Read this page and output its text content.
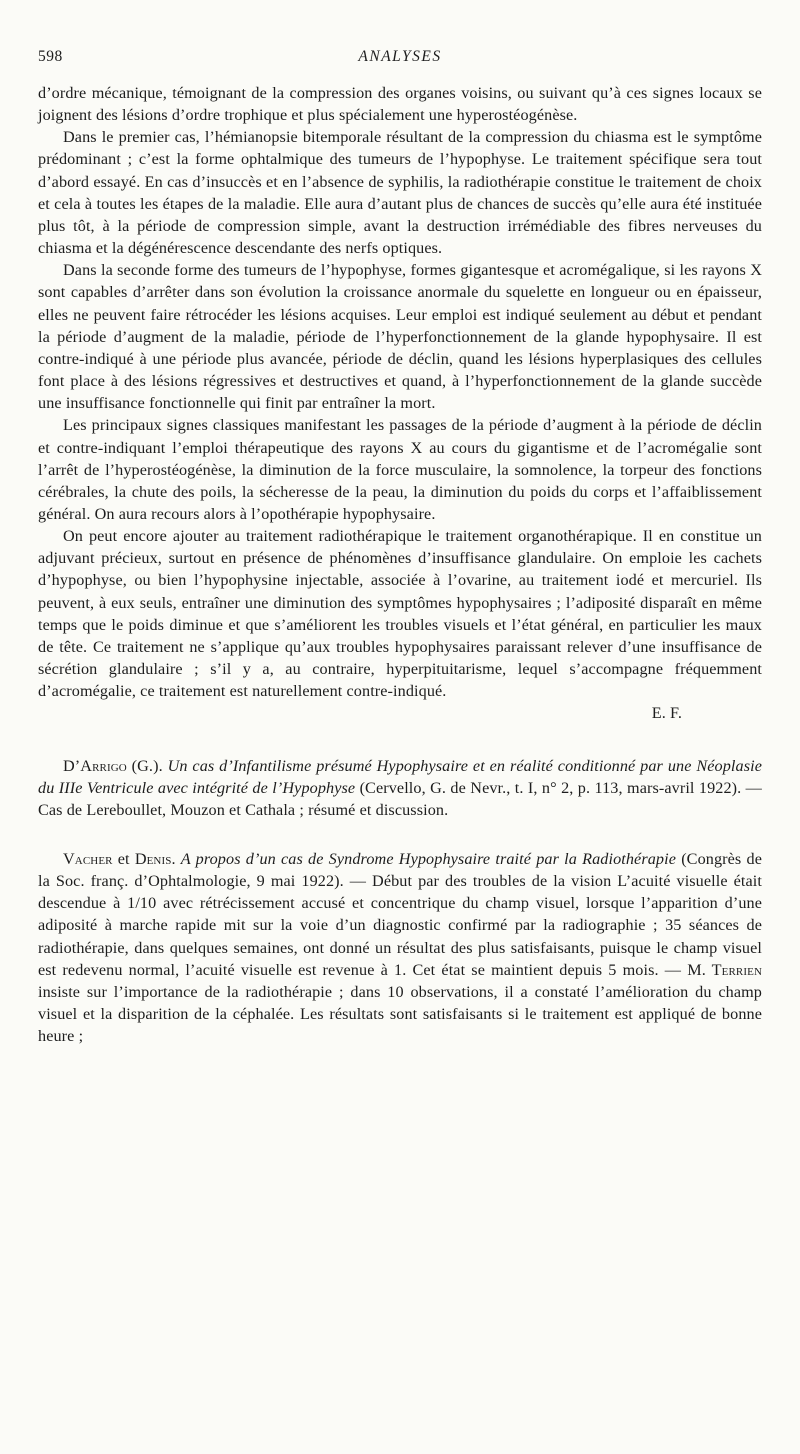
598	ANALYSES

d’ordre mécanique, témoignant de la compression des organes voisins, ou suivant qu’à ces signes locaux se joignent des lésions d’ordre trophique et plus spécialement une hyperostéogénèse.

Dans le premier cas, l’hémianopsie bitemporale résultant de la compression du chiasma est le symptôme prédominant ; c’est la forme ophtalmique des tumeurs de l’hypophyse. Le traitement spécifique sera tout d’abord essayé. En cas d’insuccès et en l’absence de syphilis, la radiothérapie constitue le traitement de choix et cela à toutes les étapes de la maladie. Elle aura d’autant plus de chances de succès qu’elle aura été instituée plus tôt, à la période de compression simple, avant la destruction irrémédiable des fibres nerveuses du chiasma et la dégénérescence descendante des nerfs optiques.

Dans la seconde forme des tumeurs de l’hypophyse, formes gigantesque et acromégalique, si les rayons X sont capables d’arrêter dans son évolution la croissance anormale du squelette en longueur ou en épaisseur, elles ne peuvent faire rétrocéder les lésions acquises. Leur emploi est indiqué seulement au début et pendant la période d’augment de la maladie, période de l’hyperfonctionnement de la glande hypophysaire. Il est contre-indiqué à une période plus avancée, période de déclin, quand les lésions hyperplasiques des cellules font place à des lésions régressives et destructives et quand, à l’hyperfonctionnement de la glande succède une insuffisance fonctionnelle qui finit par entraîner la mort.

Les principaux signes classiques manifestant les passages de la période d’augment à la période de déclin et contre-indiquant l’emploi thérapeutique des rayons X au cours du gigantisme et de l’acromégalie sont l’arrêt de l’hyperostéogénèse, la diminution de la force musculaire, la somnolence, la torpeur des fonctions cérébrales, la chute des poils, la sécheresse de la peau, la diminution du poids du corps et l’affaiblissement général. On aura recours alors à l’opothérapie hypophysaire.

On peut encore ajouter au traitement radiothérapique le traitement organothérapique. Il en constitue un adjuvant précieux, surtout en présence de phénomènes d’insuffisance glandulaire. On emploie les cachets d’hypophyse, ou bien l’hypophysine injectable, associée à l’ovarine, au traitement iodé et mercuriel. Ils peuvent, à eux seuls, entraîner une diminution des symptômes hypophysaires ; l’adiposité disparaît en même temps que le poids diminue et que s’améliorent les troubles visuels et l’état général, en particulier les maux de tête. Ce traitement ne s’applique qu’aux troubles hypophysaires paraissant relever d’une insuffisance de sécrétion glandulaire ; s’il y a, au contraire, hyperpituitarisme, lequel s’accompagne fréquemment d’acromégalie, ce traitement est naturellement contre-indiqué.

E. F.

D’Arrigo (G.). Un cas d’Infantilisme présumé Hypophysaire et en réalité conditionné par une Néoplasie du IIIe Ventricule avec intégrité de l’Hypophyse (Cervello, G. de Nevr., t. I, n° 2, p. 113, mars-avril 1922). — Cas de Lereboullet, Mouzon et Cathala ; résumé et discussion.

Vacher et Denis. A propos d’un cas de Syndrome Hypophysaire traité par la Radiothérapie (Congrès de la Soc. franç. d’Ophtalmologie, 9 mai 1922). — Début par des troubles de la vision L’acuité visuelle était descendue à 1/10 avec rétrécissement accusé et concentrique du champ visuel, lorsque l’apparition d’une adiposité à marche rapide mit sur la voie d’un diagnostic confirmé par la radiographie ; 35 séances de radiothérapie, dans quelques semaines, ont donné un résultat des plus satisfaisants, puisque le champ visuel est redevenu normal, l’acuité visuelle est revenue à 1. Cet état se maintient depuis 5 mois. — M. Terrien insiste sur l’importance de la radiothérapie ; dans 10 observations, il a constaté l’amélioration du champ visuel et la disparition de la céphalée. Les résultats sont satisfaisants si le traitement est appliqué de bonne heure ;
